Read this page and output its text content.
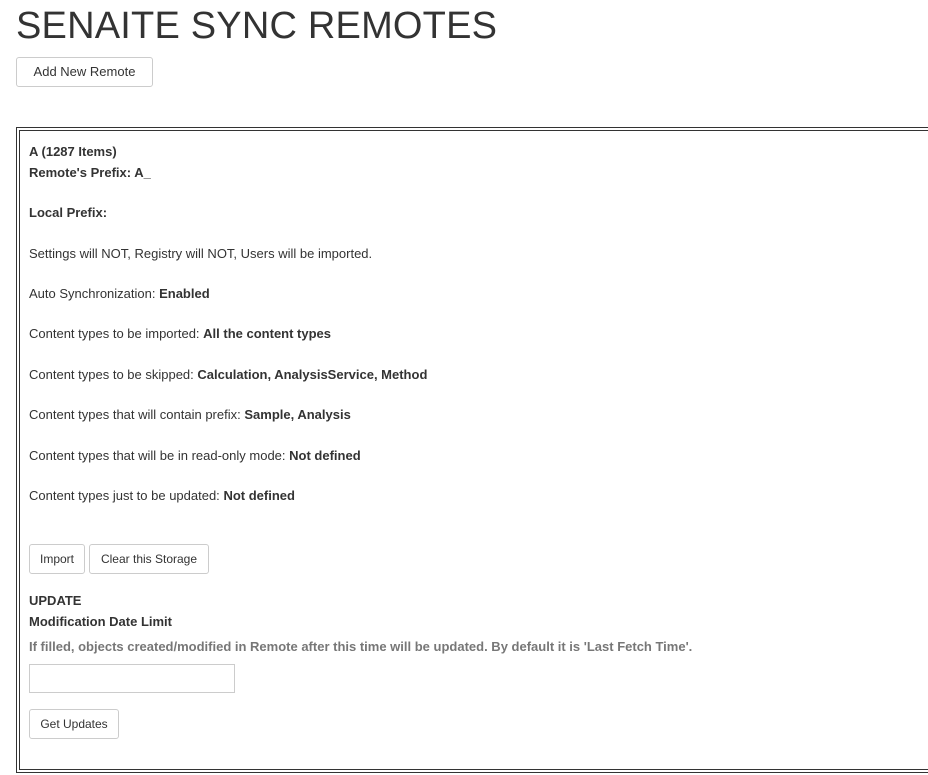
SENAITE SYNC REMOTES
Add New Remote
A (1287 Items)
Remote's Prefix: A_
Local Prefix:
Settings will NOT, Registry will NOT, Users will be imported.
Auto Synchronization: Enabled
Content types to be imported: All the content types
Content types to be skipped: Calculation, AnalysisService, Method
Content types that will contain prefix: Sample, Analysis
Content types that will be in read-only mode: Not defined
Content types just to be updated: Not defined
Import	Clear this Storage
UPDATE
Modification Date Limit
If filled, objects created/modified in Remote after this time will be updated. By default it is 'Last Fetch Time'.
Get Updates
